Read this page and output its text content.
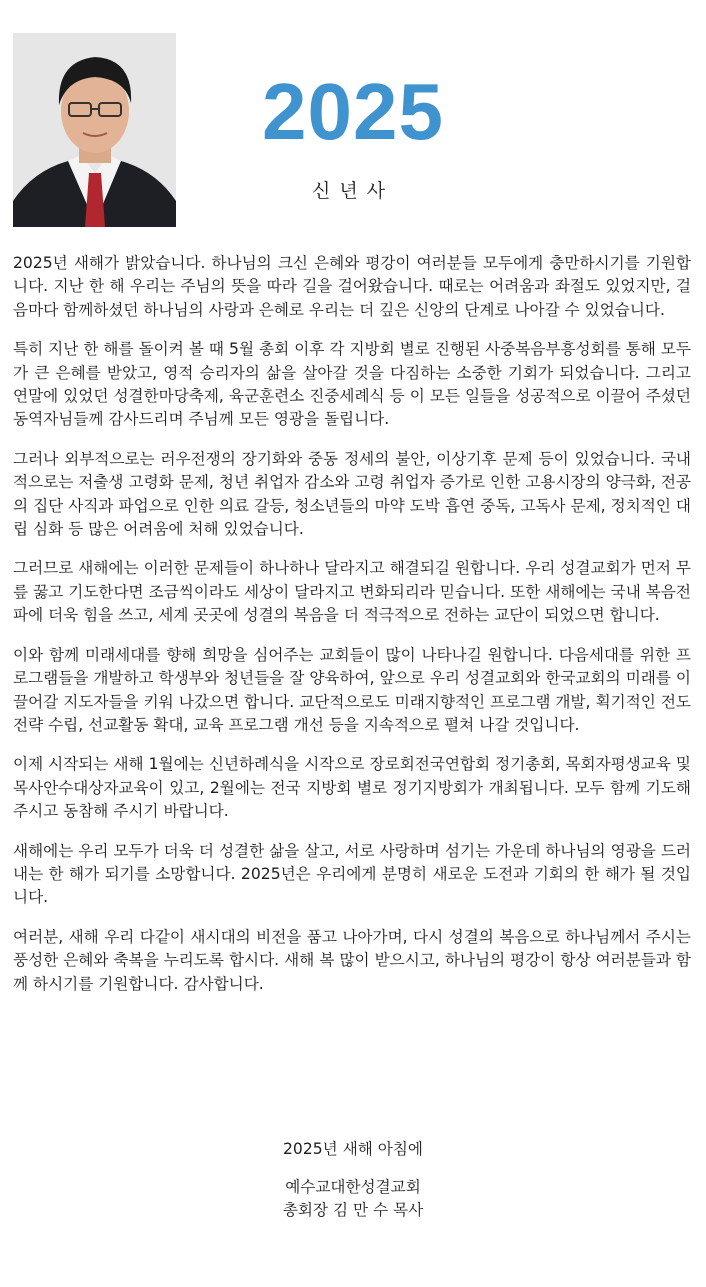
2025
신년사

2025년 새해가 밝았습니다. 하나님의 크신 은혜와 평강이 여러분들 모두에게 충만하시기를 기원합니다. 지난 한 해 우리는 주님의 뜻을 따라 길을 걸어왔습니다. 때로는 어려움과 좌절도 있었지만, 걸음마다 함께하셨던 하나님의 사랑과 은혜로 우리는 더 깊은 신앙의 단계로 나아갈 수 있었습니다.

특히 지난 한 해를 돌이켜 볼 때 5월 총회 이후 각 지방회 별로 진행된 사중복음부흥성회를 통해 모두가 큰 은혜를 받았고, 영적 승리자의 삶을 살아갈 것을 다짐하는 소중한 기회가 되었습니다. 그리고 연말에 있었던 성결한마당축제, 육군훈련소 진중세례식 등 이 모든 일들을 성공적으로 이끌어 주셨던 동역자님들께 감사드리며 주님께 모든 영광을 돌립니다.

그러나 외부적으로는 러우전쟁의 장기화와 중동 정세의 불안, 이상기후 문제 등이 있었습니다. 국내적으로는 저출생 고령화 문제, 청년 취업자 감소와 고령 취업자 증가로 인한 고용시장의 양극화, 전공의 집단 사직과 파업으로 인한 의료 갈등, 청소년들의 마약 도박 흡연 중독, 고독사 문제, 정치적인 대립 심화 등 많은 어려움에 처해 있었습니다.

그러므로 새해에는 이러한 문제들이 하나하나 달라지고 해결되길 원합니다. 우리 성결교회가 먼저 무릎 꿇고 기도한다면 조금씩이라도 세상이 달라지고 변화되리라 믿습니다. 또한 새해에는 국내 복음전파에 더욱 힘을 쓰고, 세계 곳곳에 성결의 복음을 더 적극적으로 전하는 교단이 되었으면 합니다.

이와 함께 미래세대를 향해 희망을 심어주는 교회들이 많이 나타나길 원합니다. 다음세대를 위한 프로그램들을 개발하고 학생부와 청년들을 잘 양육하여, 앞으로 우리 성결교회와 한국교회의 미래를 이끌어갈 지도자들을 키워 나갔으면 합니다. 교단적으로도 미래지향적인 프로그램 개발, 획기적인 전도전략 수립, 선교활동 확대, 교육 프로그램 개선 등을 지속적으로 펼쳐 나갈 것입니다.

이제 시작되는 새해 1월에는 신년하례식을 시작으로 장로회전국연합회 정기총회, 목회자평생교육 및 목사안수대상자교육이 있고, 2월에는 전국 지방회 별로 정기지방회가 개최됩니다. 모두 함께 기도해 주시고 동참해 주시기 바랍니다.

새해에는 우리 모두가 더욱 더 성결한 삶을 살고, 서로 사랑하며 섬기는 가운데 하나님의 영광을 드러내는 한 해가 되기를 소망합니다. 2025년은 우리에게 분명히 새로운 도전과 기회의 한 해가 될 것입니다.

여러분, 새해 우리 다같이 새시대의 비전을 품고 나아가며, 다시 성결의 복음으로 하나님께서 주시는 풍성한 은혜와 축복을 누리도록 합시다. 새해 복 많이 받으시고, 하나님의 평강이 항상 여러분들과 함께 하시기를 기원합니다. 감사합니다.

2025년 새해 아침에
예수교대한성결교회
총회장 김 만 수 목사
